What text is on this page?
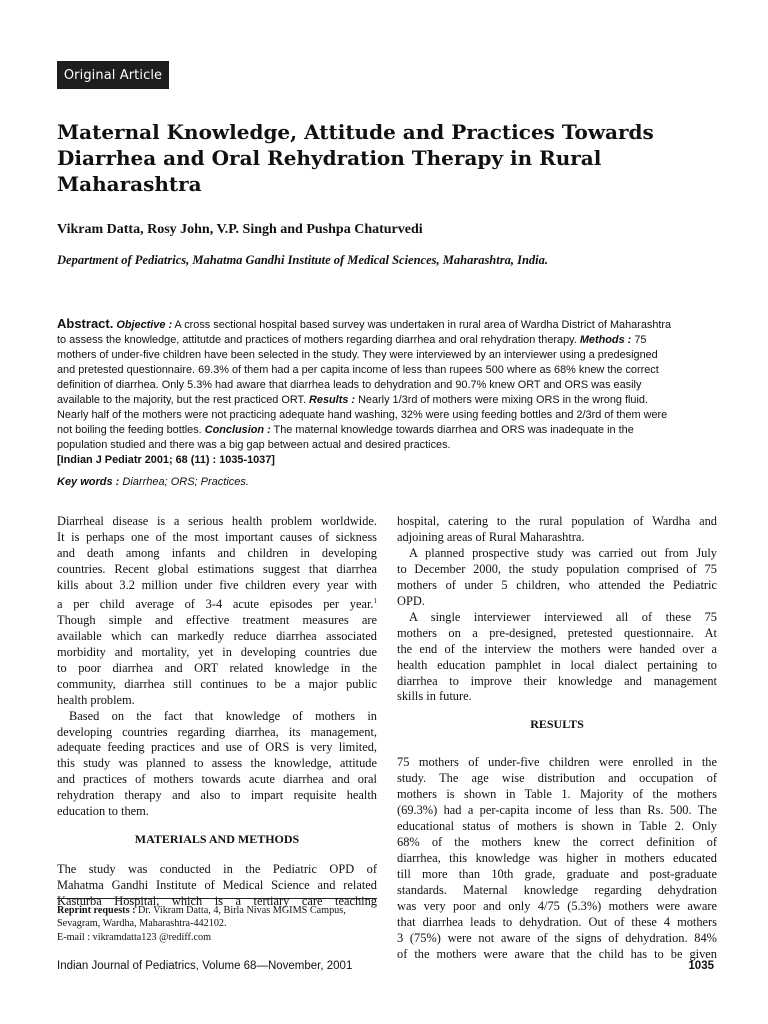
Original Article
Maternal Knowledge, Attitude and Practices Towards
Diarrhea and Oral Rehydration Therapy in Rural
Maharashtra

Vikram Datta, Rosy John, V.P. Singh and Pushpa Chaturvedi

Department of Pediatrics, Mahatma Gandhi Institute of Medical Sciences, Maharashtra, India.

Abstract. Objective : A cross sectional hospital based survey was undertaken in rural area of Wardha District of Maharashtra
to assess the knowledge, attitutde and practices of mothers regarding diarrhea and oral rehydration therapy. Methods : 75
mothers of under-five children have been selected in the study. They were interviewed by an interviewer using a predesigned
and pretested questionnaire. 69.3% of them had a per capita income of less than rupees 500 where as 68% knew the correct
definition of diarrhea. Only 5.3% had aware that diarrhea leads to dehydration and 90.7% knew ORT and ORS was easily
available to the majority, but the rest practiced ORT. Results : Nearly 1/3rd of mothers were mixing ORS in the wrong fluid.
Nearly half of the mothers were not practicing adequate hand washing, 32% were using feeding bottles and 2/3rd of them were
not boiling the feeding bottles. Conclusion : The maternal knowledge towards diarrhea and ORS was inadequate in the
population studied and there was a big gap between actual and desired practices.
[Indian J Pediatr 2001; 68 (11) : 1035-1037]
Key words : Diarrhea; ORS; Practices.
Diarrheal disease is a serious health problem worldwide.
It is perhaps one of the most important causes of sickness
and death among infants and children in developing
countries. Recent global estimations suggest that diarrhea
kills about 3.2 million under five children every year with
a per child average of 3-4 acute episodes per year.$^1$
Though simple and effective treatment measures are
available which can markedly reduce diarrhea associated
morbidity and mortality, yet in developing countries due
to poor diarrhea and ORT related knowledge in the
community, diarrhea still continues to be a major public
health problem.
Based on the fact that knowledge of mothers in
developing countries regarding diarrhea, its management,
adequate feeding practices and use of ORS is very limited,
this study was planned to assess the knowledge, attitude
and practices of mothers towards acute diarrhea and oral
rehydration therapy and also to impart requisite health
education to them.
MATERIALS AND METHODS
The study was conducted in the Pediatric OPD of
Mahatma Gandhi Institute of Medical Science and related
Kasturba Hospital, which is a tertiary care teaching
hospital, catering to the rural population of Wardha and
adjoining areas of Rural Maharashtra.
A planned prospective study was carried out from July
to December 2000, the study population comprised of 75
mothers of under 5 children, who attended the Pediatric
OPD.
A single interviewer interviewed all of these 75
mothers on a pre-designed, pretested questionnaire. At
the end of the interview the mothers were handed over a
health education pamphlet in local dialect pertaining to
diarrhea to improve their knowledge and management
skills in future.
RESULTS
75 mothers of under-five children were enrolled in the
study. The age wise distribution and occupation of
mothers is shown in Table 1. Majority of the mothers
(69.3%) had a per-capita income of less than Rs. 500. The
educational status of mothers is shown in Table 2. Only
68% of the mothers knew the correct definition of
diarrhea, this knowledge was higher in mothers educated
till more than 10th grade, graduate and post-graduate
standards. Maternal knowledge regarding dehydration
was very poor and only 4/75 (5.3%) mothers were aware
that diarrhea leads to dehydration. Out of these 4 mothers
3 (75%) were not aware of the signs of dehydration. 84%
of the mothers were aware that the child has to be given
Reprint requests : Dr. Vikram Datta, 4, Birla Nivas MGIMS Campus,
Sevagram, Wardha, Maharashtra-442102.
E-mail : vikramdatta123 @rediff.com
Indian Journal of Pediatrics, Volume 68—November, 2001	1035
